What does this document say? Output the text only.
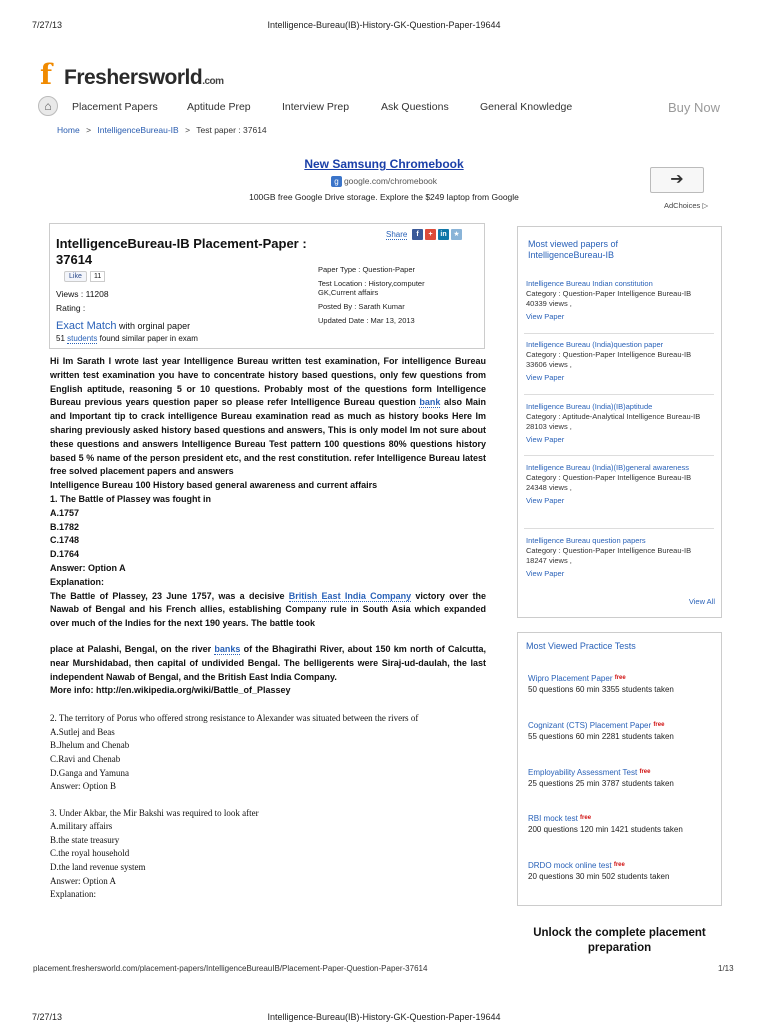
7/27/13	Intelligence-Bureau(IB)-History-GK-Question-Paper-19644
f Freshersworld.com
⌂	Placement Papers	Aptitude Prep	Interview Prep	Ask Questions	General Knowledge	Buy Now
Home > IntelligenceBureau-IB > Test paper : 37614
New Samsung Chromebook
g google.com/chromebook
100GB free Google Drive storage. Explore the $249 laptop from Google
➔
AdChoices ▷
IntelligenceBureau-IB Placement-Paper : 37614
Like	11
Views : 11208
Rating :
Exact Match with orginal paper
51 students found similar paper in exam
Share	f	+	in ★
Paper Type : Question-Paper
Test Location : History,computer GK,Current affairs
Posted By : Sarath Kumar
Updated Date : Mar 13, 2013

Hi Im Sarath I wrote last year Intelligence Bureau written test examination, For intelligence Bureau written test examination you have to concentrate history based questions, only few questions from English aptitude, reasoning 5 or 10 questions. Probably most of the questions form Intelligence Bureau previous years question paper so please refer Intelligence Bureau question bank also Main and Important tip to crack intelligence Bureau examination read as much as history books Here Im sharing previously asked history based questions and answers, This is only model Im not sure about these questions and answers Intelligence Bureau Test pattern 100 questions 80% questions history based 5 % name of the person president etc, and the rest constitution. refer Intelligence Bureau latest free solved placement papers and answers

Intelligence Bureau 100 History based general awareness and current affairs

1. The Battle of Plassey was fought in

A.1757

B.1782

C.1748

D.1764

Answer: Option A

Explanation:

The Battle of Plassey, 23 June 1757, was a decisive British East India Company victory over the Nawab of Bengal and his French allies, establishing Company rule in South Asia which expanded over much of the Indies for the next 190 years. The battle took

place at Palashi, Bengal, on the river banks of the Bhagirathi River, about 150 km north of Calcutta, near Murshidabad, then capital of undivided Bengal. The belligerents were Siraj-ud-daulah, the last independent Nawab of Bengal, and the British East India Company.

More info: http://en.wikipedia.org/wiki/Battle_of_Plassey

2. The territory of Porus who offered strong resistance to Alexander was situated between the rivers of
A.Sutlej and Beas
B.Jhelum and Chenab
C.Ravi and Chenab
D.Ganga and Yamuna
Answer: Option B
3. Under Akbar, the Mir Bakshi was required to look after
A.military affairs
B.the state treasury
C.the royal household
D.the land revenue system
Answer: Option A
Explanation:
Most viewed papers of IntelligenceBureau-IB
Intelligence Bureau Indian constitution
Category : Question-Paper Intelligence Bureau-IB
40339 views ,
View Paper
Intelligence Bureau (India)question paper
Category : Question-Paper Intelligence Bureau-IB
33606 views ,
View Paper
Intelligence Bureau (India)(IB)aptitude
Category : Aptitude-Analytical Intelligence Bureau-IB
28103 views ,
View Paper
Intelligence Bureau (India)(IB)general awareness
Category : Question-Paper Intelligence Bureau-IB
24348 views ,
View Paper
Intelligence Bureau question papers
Category : Question-Paper Intelligence Bureau-IB
18247 views ,
View Paper
View All
Most Viewed Practice Tests
Wipro Placement Paper $^{free}$
50 questions 60 min 3355 students taken
Cognizant (CTS) Placement Paper $^{free}$
55 questions 60 min 2281 students taken
Employability Assessment Test $^{free}$
25 questions 25 min 3787 students taken
RBI mock test $^{free}$
200 questions 120 min 1421 students taken
DRDO mock online test $^{free}$
20 questions 30 min 502 students taken
Unlock the complete placement preparation
placement.freshersworld.com/placement-papers/IntelligenceBureauIB/Placement-Paper-Question-Paper-37614	1/13
7/27/13	Intelligence-Bureau(IB)-History-GK-Question-Paper-19644
